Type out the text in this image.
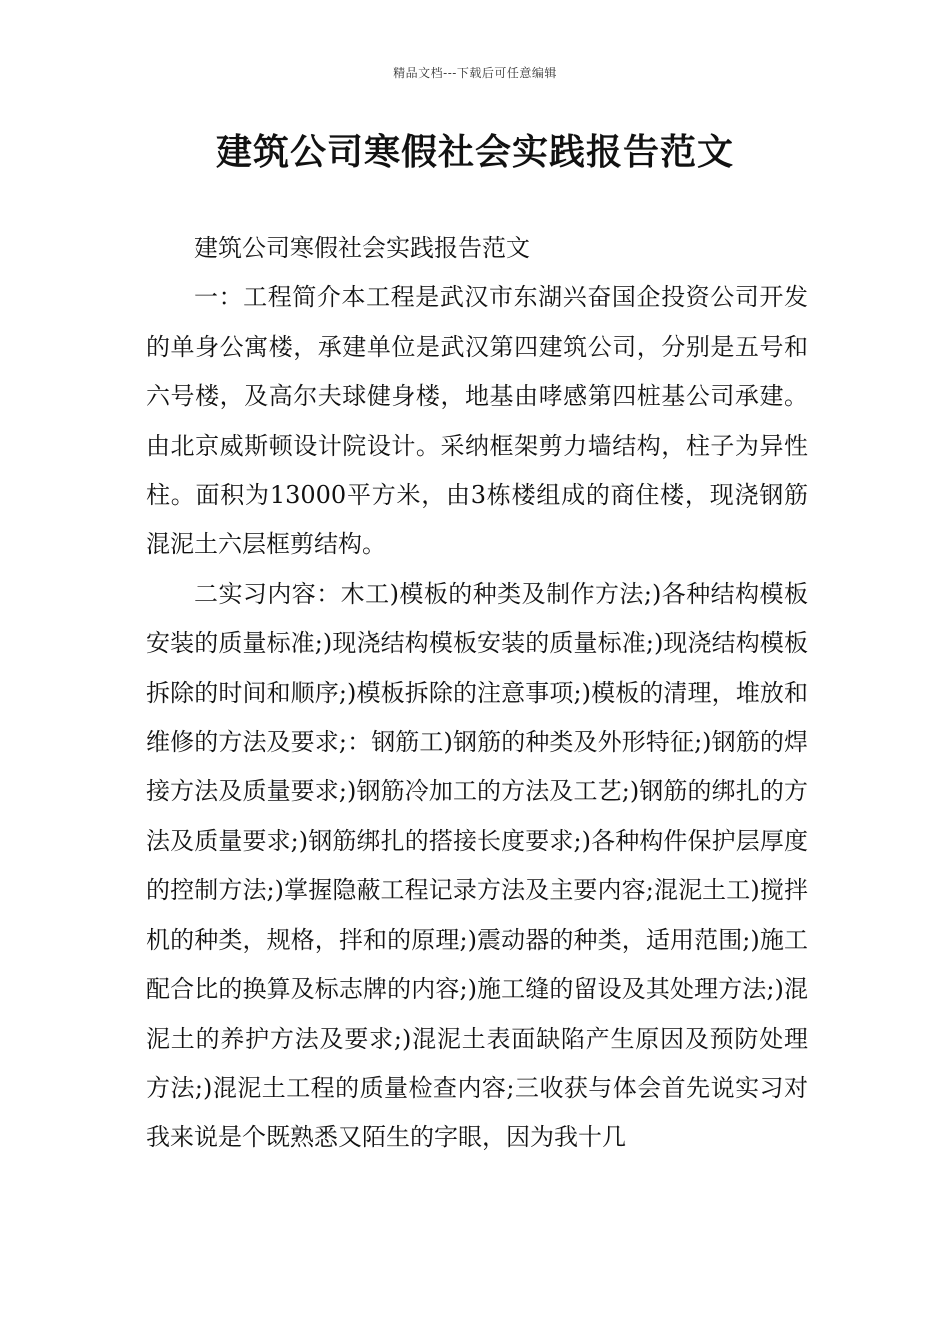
精品文档---下载后可任意编辑
建筑公司寒假社会实践报告范文

建筑公司寒假社会实践报告范文

一：工程简介本工程是武汉市东湖兴奋国企投资公司开发的单身公寓楼，承建单位是武汉第四建筑公司，分别是五号和六号楼，及高尔夫球健身楼，地基由哮感第四桩基公司承建。由北京威斯顿设计院设计。采纳框架剪力墙结构，柱子为异性柱。面积为13000平方米，由3栋楼组成的商住楼，现浇钢筋混泥土六层框剪结构。

二实习内容：木工)模板的种类及制作方法;)各种结构模板安装的质量标准;)现浇结构模板安装的质量标准;)现浇结构模板拆除的时间和顺序;)模板拆除的注意事项;)模板的清理，堆放和维修的方法及要求;：钢筋工)钢筋的种类及外形特征;)钢筋的焊接方法及质量要求;)钢筋冷加工的方法及工艺;)钢筋的绑扎的方法及质量要求;)钢筋绑扎的搭接长度要求;)各种构件保护层厚度的控制方法;)掌握隐蔽工程记录方法及主要内容;混泥土工)搅拌机的种类，规格，拌和的原理;)震动器的种类，适用范围;)施工配合比的换算及标志牌的内容;)施工缝的留设及其处理方法;)混泥土的养护方法及要求;)混泥土表面缺陷产生原因及预防处理方法;)混泥土工程的质量检查内容;三收获与体会首先说实习对我来说是个既熟悉又陌生的字眼，因为我十几
